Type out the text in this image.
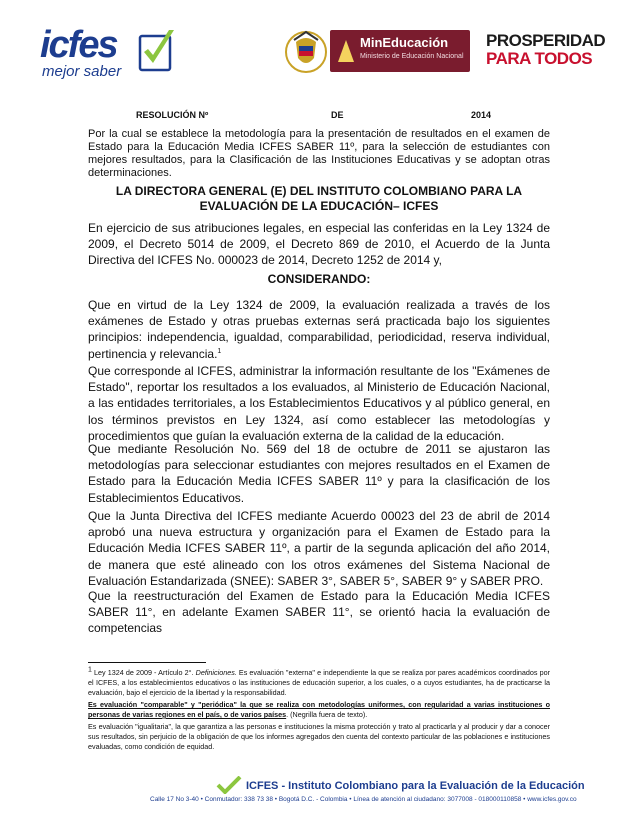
icfes
mejor saber
MinEducación
Ministerio de Educación Nacional
PROSPERIDAD
PARA TODOS
RESOLUCIÓN Nº	DE	2014
Por la cual se establece la metodología para la presentación de resultados en el examen de Estado para la Educación Media ICFES SABER 11º, para la selección de estudiantes con mejores resultados, para la Clasificación de las Instituciones Educativas y se adoptan otras determinaciones.
LA DIRECTORA GENERAL (E) DEL INSTITUTO COLOMBIANO PARA LA
EVALUACIÓN DE LA EDUCACIÓN– ICFES
En ejercicio de sus atribuciones legales, en especial las conferidas en la Ley 1324 de 2009, el Decreto 5014 de 2009, el Decreto 869 de 2010, el Acuerdo de la Junta Directiva del ICFES No. 000023 de 2014, Decreto 1252 de 2014 y,
CONSIDERANDO:
Que en virtud de la Ley 1324 de 2009, la evaluación realizada a través de los exámenes de Estado y otras pruebas externas será practicada bajo los siguientes principios: independencia, igualdad, comparabilidad, periodicidad, reserva individual, pertinencia y relevancia.$^1$
Que corresponde al ICFES, administrar la información resultante de los "Exámenes de Estado", reportar los resultados a los evaluados, al Ministerio de Educación Nacional, a las entidades territoriales, a los Establecimientos Educativos y al público general, en los términos previstos en Ley 1324, así como establecer las metodologías y procedimientos que guían la evaluación externa de la calidad de la educación.
Que mediante Resolución No. 569 del 18 de octubre de 2011 se ajustaron las metodologías para seleccionar estudiantes con mejores resultados en el Examen de Estado para la Educación Media ICFES SABER 11º y para la clasificación de los Establecimientos Educativos.
Que la Junta Directiva del ICFES mediante Acuerdo 00023 del 23 de abril de 2014 aprobó una nueva estructura y organización para el Examen de Estado para la Educación Media ICFES SABER 11º, a partir de la segunda aplicación del año 2014, de manera que esté alineado con los otros exámenes del Sistema Nacional de Evaluación Estandarizada (SNEE): SABER 3°, SABER 5°, SABER 9° y SABER PRO.
Que la reestructuración del Examen de Estado para la Educación Media ICFES SABER 11°, en adelante Examen SABER 11°, se orientó hacia la evaluación de competencias
$^1$ Ley 1324 de 2009 - Artículo 2°. Definiciones. Es evaluación "externa" e independiente la que se realiza por pares académicos coordinados por el ICFES, a los establecimientos educativos o las instituciones de educación superior, a los cuales, o a cuyos estudiantes, ha de practicarse la evaluación, bajo el ejercicio de la libertad y la responsabilidad.
Es evaluación "comparable" y "periódica" la que se realiza con metodologías uniformes, con regularidad a varias instituciones o personas de varias regiones en el país, o de varios países. (Negrilla fuera de texto).
Es evaluación "igualitaria", la que garantiza a las personas e instituciones la misma protección y trato al practicarla y al producir y dar a conocer sus resultados, sin perjuicio de la obligación de que los informes agregados den cuenta del contexto particular de las poblaciones e instituciones evaluadas, como condición de equidad.
ICFES - Instituto Colombiano para la Evaluación de la Educación
Calle 17 No 3-40 • Conmutador: 338 73 38 • Bogotá D.C. - Colombia • Línea de atención al ciudadano: 3077008 - 018000110858 • www.icfes.gov.co
